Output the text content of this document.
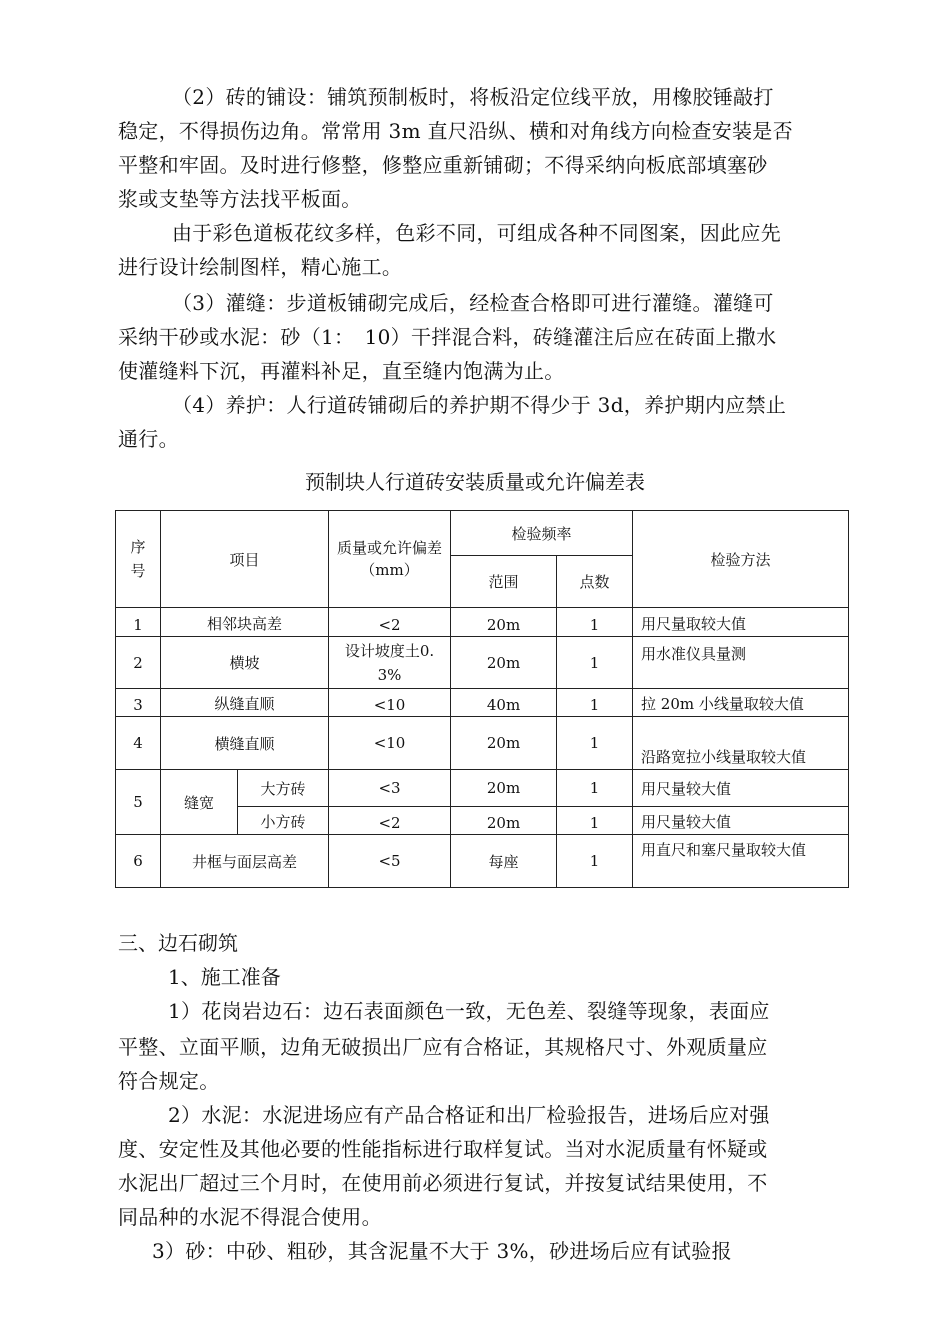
（2）砖的铺设：铺筑预制板时，将板沿定位线平放，用橡胶锤敲打
稳定，不得损伤边角。常常用 3m 直尺沿纵、横和对角线方向检查安装是否
平整和牢固。及时进行修整，修整应重新铺砌；不得采纳向板底部填塞砂
浆或支垫等方法找平板面。
由于彩色道板花纹多样，色彩不同，可组成各种不同图案，因此应先
进行设计绘制图样，精心施工。
（3）灌缝：步道板铺砌完成后，经检查合格即可进行灌缝。灌缝可
采纳干砂或水泥：砂（1：　10）干拌混合料，砖缝灌注后应在砖面上撒水
使灌缝料下沉，再灌料补足，直至缝内饱满为止。
（4）养护：人行道砖铺砌后的养护期不得少于 3d，养护期内应禁止
通行。
预制块人行道砖安装质量或允许偏差表
序号	项目		质量或允许偏差（mm）	检验频率		检验方法
				范围	点数	
1	相邻块高差		<2	20m	1	用尺量取较大值
2	横坡		设计坡度土0.3%	20m	1	用水准仪具量测
3	纵缝直顺		<10	40m	1	拉 20m 小线量取较大值
4	横缝直顺		<10	20m	1	沿路宽拉小线量取较大值
5	缝宽	大方砖	<3	20m	1	用尺量较大值
		小方砖	<2	20m	1	用尺量较大值
6	井框与面层高差		<5	每座	1	用直尺和塞尺量取较大值
三、边石砌筑
1、施工准备
1）花岗岩边石：边石表面颜色一致，无色差、裂缝等现象，表面应
平整、立面平顺，边角无破损出厂应有合格证，其规格尺寸、外观质量应
符合规定。
2）水泥：水泥进场应有产品合格证和出厂检验报告，进场后应对强
度、安定性及其他必要的性能指标进行取样复试。当对水泥质量有怀疑或
水泥出厂超过三个月时，在使用前必须进行复试，并按复试结果使用，不
同品种的水泥不得混合使用。
3）砂：中砂、粗砂，其含泥量不大于 3%，砂进场后应有试验报
